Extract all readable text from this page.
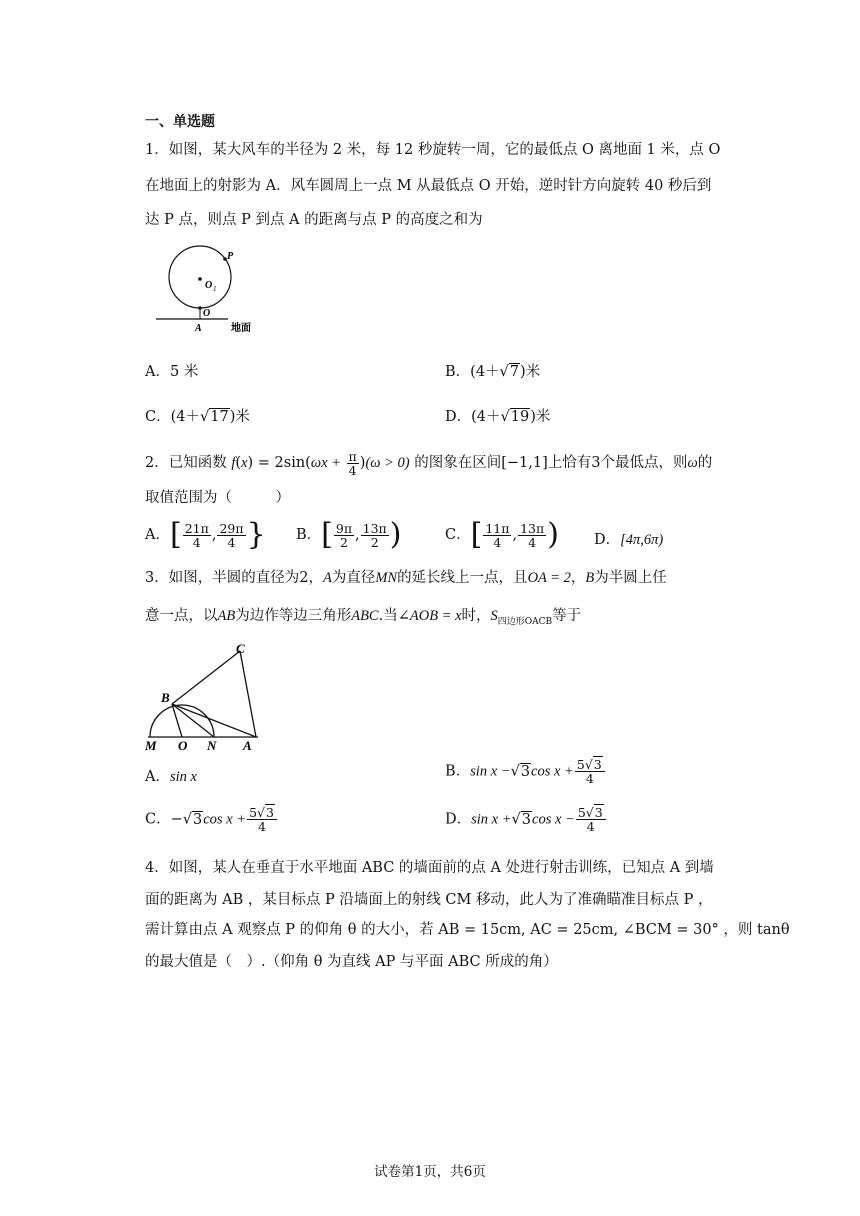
一、单选题
1．如图，某大风车的半径为 2 米，每 12 秒旋转一周，它的最低点 O 离地面 1 米，点 O
在地面上的射影为 A．风车圆周上一点 M 从最低点 O 开始，逆时针方向旋转 40 秒后到
达 P 点，则点 P 到点 A 的距离与点 P 的高度之和为
P
O 1
O
A	地面
A．5 米	B．(4＋√7)米
C．(4＋√17)米	D．(4＋√19)米
2．已知函数 $f(x) = 2\sin(\omega x + \frac{\pi}{4} )(\omega > 0)$ 的图象在区间[−1,1]上恰有3个最低点，则ω的
取值范围为（　　　）
A．[ $\frac{21\pi}{4}$ , $\frac{29\pi}{4}$ } B．[ $\frac{9\pi}{2}$ , $\frac{13\pi}{2}$ )	C．[ $\frac{11\pi}{4}$ , $\frac{13\pi}{4}$ ) D．[4π,6π)
3．如图，半圆的直径为2，A为直径MN的延长线上一点，且OA = 2，B为半圆上任
意一点，以AB为边作等边三角形ABC.当∠AOB = x时，$S_{四边形OACB}$等于
C
B
M O N A
A．sin x	B．sin x −√3cos $x + \frac{5√3}{4}$
C．−√3cos $x + \frac{5√3}{4}$	D．sin x +√3cos $x - \frac{5√3}{4}$
4．如图，某人在垂直于水平地面 ABC 的墙面前的点 A 处进行射击训练，已知点 A 到墙
面的距离为 AB ，某目标点 P 沿墙面上的射线 CM 移动，此人为了准确瞄准目标点 P ，
需计算由点 A 观察点 P 的仰角 θ 的大小，若 AB = 15cm, AC = 25cm, ∠BCM = 30° ，则 tanθ
的最大值是（　）.（仰角 θ 为直线 AP 与平面 ABC 所成的角）
试卷第1页，共6页
